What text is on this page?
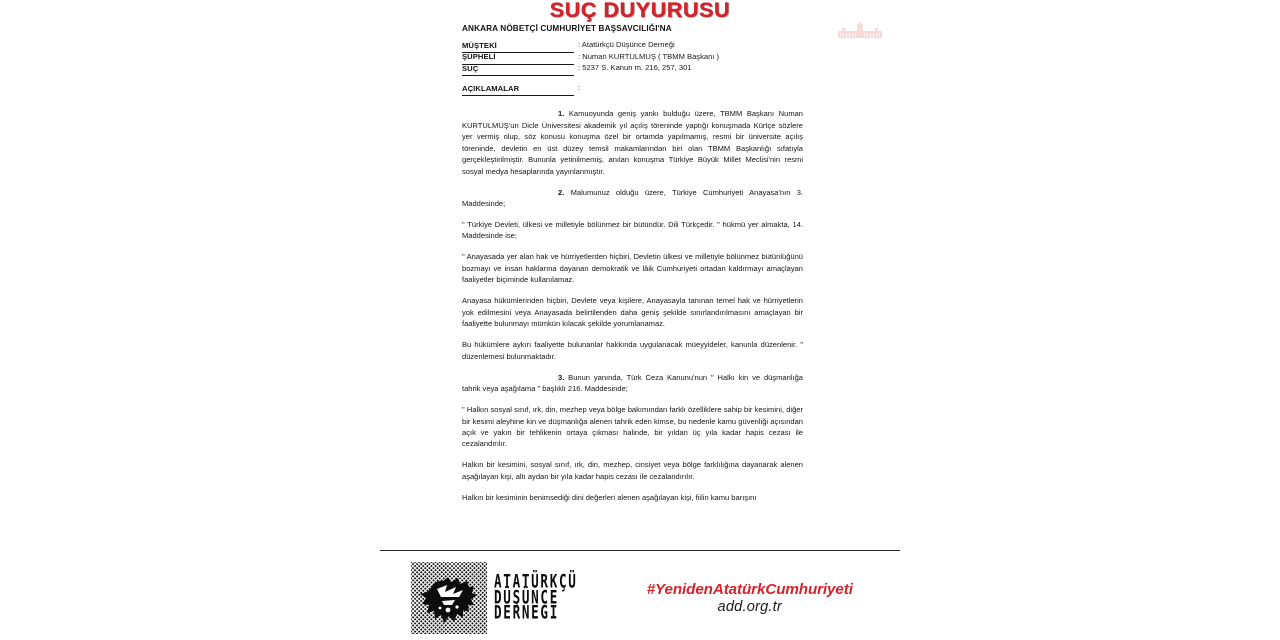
SUÇ DUYURUSU
ANKARA NÖBETÇİ CUMHURİYET BAŞSAVCILIĞI'NA
MÜŞTEKİ	: Atatürkçü Düşünce Derneği
ŞÜPHELİ	: Numan KURTULMUŞ ( TBMM Başkanı )
SUÇ	: 5237 S. Kanun m. 216, 257, 301

AÇIKLAMALAR	:

1. Kamuoyunda geniş yankı bulduğu üzere, TBMM Başkanı Numan KURTULMUŞ'un Dicle Üniversitesi akademik yıl açılış töreninde yaptığı konuşmada Kürtçe sözlere yer vermiş olup, söz konusu konuşma özel bir ortamda yapılmamış, resmi bir üniversite açılış töreninde, devletin en üst düzey temsil makamlarından biri olan TBMM Başkanlığı sıfatıyla gerçekleştirilmiştir. Bununla yetinilmemiş, anılan konuşma Türkiye Büyük Millet Meclisi'nin resmi sosyal medya hesaplarında yayınlanmıştır.

2. Malumunuz olduğu üzere, Türkiye Cumhuriyeti Anayasa'nın 3. Maddesinde;

" Türkiye Devleti, ülkesi ve milletiyle bölünmez bir bütündür. Dili Türkçedir. " hükmü yer almakta, 14. Maddesinde ise;

" Anayasada yer alan hak ve hürriyetlerden hiçbiri, Devletin ülkesi ve milletiyle bölünmez bütünlüğünü bozmayı ve insan haklarına dayanan demokratik ve lâik Cumhuriyeti ortadan kaldırmayı amaçlayan faaliyetler biçiminde kullanılamaz.

Anayasa hükümlerinden hiçbiri, Devlete veya kişilere, Anayasayla tanınan temel hak ve hürriyetlerin yok edilmesini veya Anayasada belirtilenden daha geniş şekilde sınırlandırılmasını amaçlayan bir faaliyette bulunmayı mümkün kılacak şekilde yorumlanamaz.

Bu hükümlere aykırı faaliyette bulunanlar hakkında uygulanacak müeyyideler, kanunla düzenlenir. " düzenlemesi bulunmaktadır.

3. Bunun yanında, Türk Ceza Kanunu'nun " Halkı kin ve düşmanlığa tahrik veya aşağılama " başlıklı 216. Maddesinde;

" Halkın sosyal sınıf, ırk, din, mezhep veya bölge bakımından farklı özelliklere sahip bir kesimini, diğer bir kesimi aleyhine kin ve düşmanlığa alenen tahrik eden kimse, bu nedenle kamu güvenliği açısından açık ve yakın bir tehlikenin ortaya çıkması halinde, bir yıldan üç yıla kadar hapis cezası ile cezalandırılır.

Halkın bir kesimini, sosyal sınıf, ırk, din, mezhep, cinsiyet veya bölge farklılığına dayanarak alenen aşağılayan kişi, altı aydan bir yıla kadar hapis cezası ile cezalandırılır.

Halkın bir kesiminin benimsediği dini değerleri alenen aşağılayan kişi, fiilin kamu barışını

ATATÜRKÇÜ
DÜŞÜNCE
DERNEĞİ
#YenidenAtatürkCumhuriyeti
add.org.tr
